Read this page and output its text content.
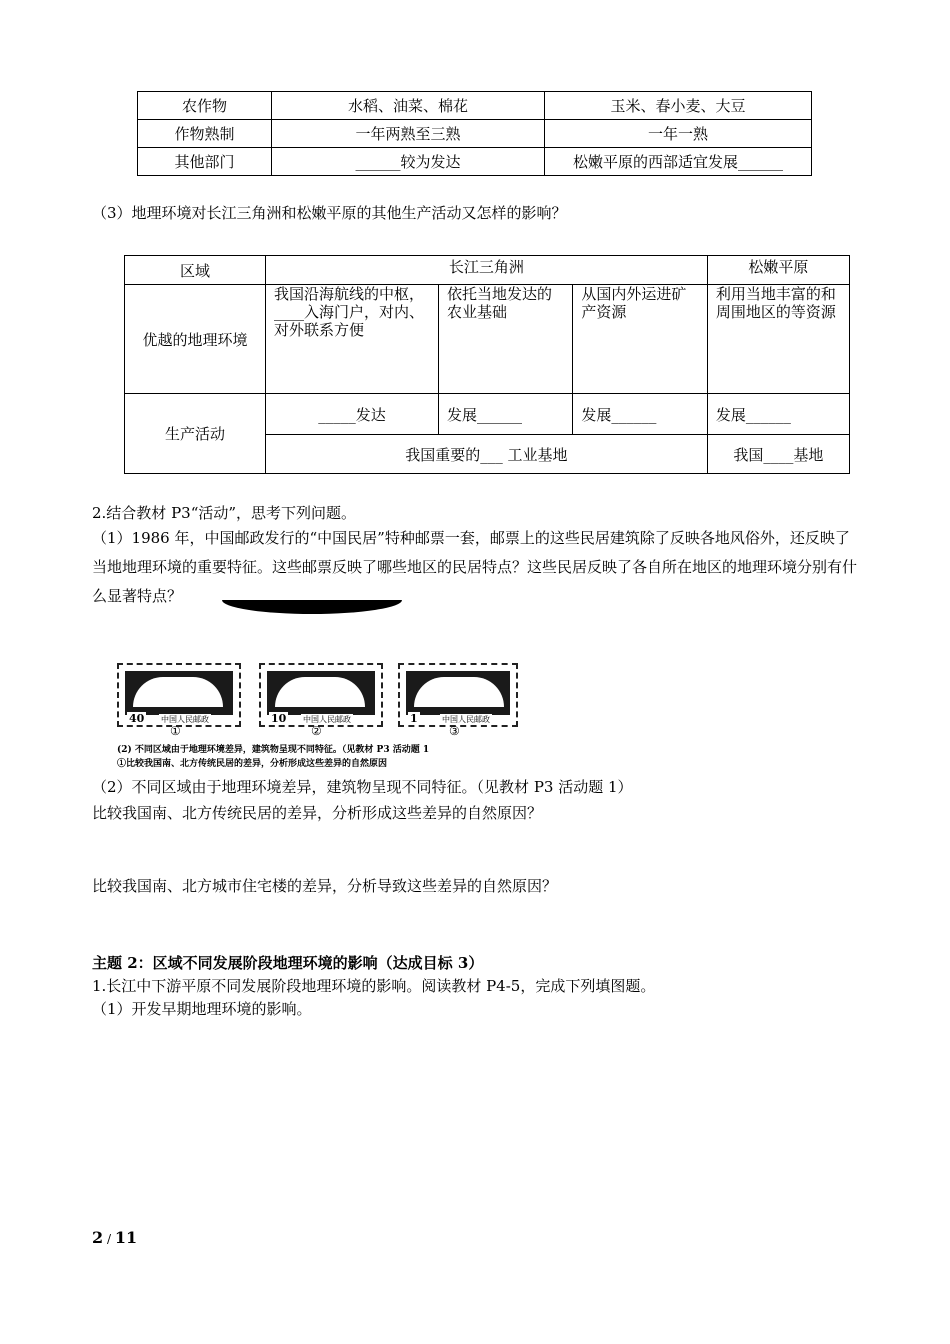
农作物	水稻、油菜、棉花	玉米、春小麦、大豆
作物熟制	一年两熟至三熟	一年一熟
其他部门	______较为发达	松嫩平原的西部适宜发展______
（3）地理环境对长江三角洲和松嫩平原的其他生产活动又怎样的影响？
区域	长江三角洲			松嫩平原
优越的地理环境	我国沿海航线的中枢，____入海门户，对内、对外联系方便	依托当地发达的农业基础	从国内外运进矿产资源	利用当地丰富的和周围地区的等资源
生产活动	_____发达	发展______	发展______	发展______
	我国重要的___ 工业基地			我国____基地
2.结合教材 P3“活动”，思考下列问题。
（1）1986 年，中国邮政发行的“中国民居”特种邮票一套，邮票上的这些民居建筑除了反映各地风俗外，还反映了当地地理环境的重要特征。这些邮票反映了哪些地区的民居特点？这些民居反映了各自所在地区的地理环境分别有什么显著特点？
40 中国人民邮政	10 中国人民邮政	1	中国人民邮政
①	②	③
(2) 不同区域由于地理环境差异，建筑物呈现不同特征。（见教材 P3 活动题 1
①比较我国南、北方传统民居的差异，分析形成这些差异的自然原因
（2）不同区域由于地理环境差异，建筑物呈现不同特征。（见教材 P3 活动题 1）
比较我国南、北方传统民居的差异，分析形成这些差异的自然原因？
比较我国南、北方城市住宅楼的差异，分析导致这些差异的自然原因？
主题 2：区域不同发展阶段地理环境的影响（达成目标 3）
1.长江中下游平原不同发展阶段地理环境的影响。阅读教材 P4-5，完成下列填图题。
（1）开发早期地理环境的影响。
2 / 11
